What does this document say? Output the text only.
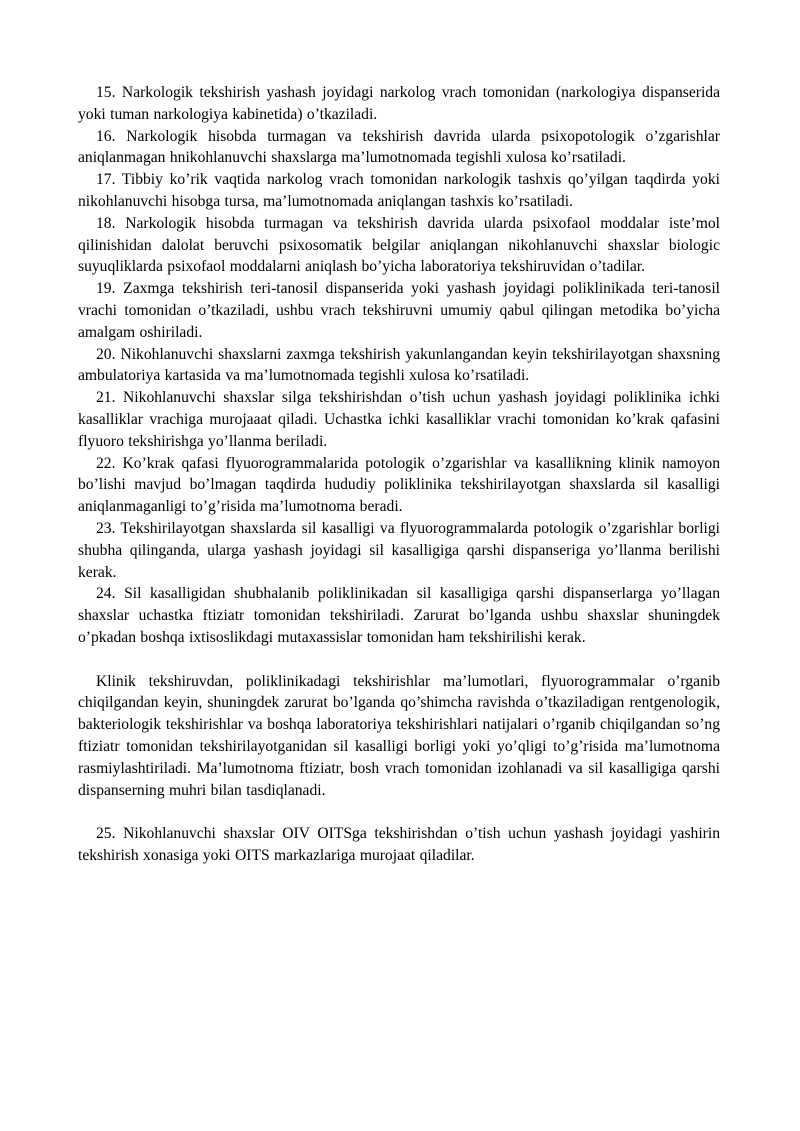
15. Narkologik tekshirish yashash joyidagi narkolog vrach tomonidan (narkologiya dispanserida yoki tuman narkologiya kabinetida) o’tkaziladi.

16. Narkologik hisobda turmagan va tekshirish davrida ularda psixopotologik o’zgarishlar aniqlanmagan hnikohlanuvchi shaxslarga ma’lumotnomada tegishli xulosa ko’rsatiladi.

17. Tibbiy ko’rik vaqtida narkolog vrach tomonidan narkologik tashxis qo’yilgan taqdirda yoki nikohlanuvchi hisobga tursa, ma’lumotnomada aniqlangan tashxis ko’rsatiladi.

18. Narkologik hisobda turmagan va tekshirish davrida ularda psixofaol moddalar iste’mol qilinishidan dalolat beruvchi psixosomatik belgilar aniqlangan nikohlanuvchi shaxslar biologic suyuqliklarda psixofaol moddalarni aniqlash bo’yicha laboratoriya tekshiruvidan o’tadilar.

19. Zaxmga tekshirish teri-tanosil dispanserida yoki yashash joyidagi poliklinikada teri-tanosil vrachi tomonidan o’tkaziladi, ushbu vrach tekshiruvni umumiy qabul qilingan metodika bo’yicha amalgam oshiriladi.

20. Nikohlanuvchi shaxslarni zaxmga tekshirish yakunlangandan keyin tekshirilayotgan shaxsning ambulatoriya kartasida va ma’lumotnomada tegishli xulosa ko’rsatiladi.

21. Nikohlanuvchi shaxslar silga tekshirishdan o’tish uchun yashash joyidagi poliklinika ichki kasalliklar vrachiga murojaaat qiladi. Uchastka ichki kasalliklar vrachi tomonidan ko’krak qafasini flyuoro tekshirishga yo’llanma beriladi.

22. Ko’krak qafasi flyuorogrammalarida potologik o’zgarishlar va kasallikning klinik namoyon bo’lishi mavjud bo’lmagan taqdirda hududiy poliklinika tekshirilayotgan shaxslarda sil kasalligi aniqlanmaganligi to’g’risida ma’lumotnoma beradi.

23. Tekshirilayotgan shaxslarda sil kasalligi va flyuorogrammalarda potologik o’zgarishlar borligi shubha qilinganda, ularga yashash joyidagi sil kasalligiga qarshi dispanseriga yo’llanma berilishi kerak.

24. Sil kasalligidan shubhalanib poliklinikadan sil kasalligiga qarshi dispanserlarga yo’llagan shaxslar uchastka ftiziatr tomonidan tekshiriladi. Zarurat bo’lganda ushbu shaxslar shuningdek o’pkadan boshqa ixtisoslikdagi mutaxassislar tomonidan ham tekshirilishi kerak.

Klinik tekshiruvdan, poliklinikadagi tekshirishlar ma’lumotlari, flyuorogrammalar o’rganib chiqilgandan keyin, shuningdek zarurat bo’lganda qo’shimcha ravishda o’tkaziladigan rentgenologik, bakteriologik tekshirishlar va boshqa laboratoriya tekshirishlari natijalari o’rganib chiqilgandan so’ng ftiziatr tomonidan tekshirilayotganidan sil kasalligi borligi yoki yo’qligi to’g’risida ma’lumotnoma rasmiylashtiriladi. Ma’lumotnoma ftiziatr, bosh vrach tomonidan izohlanadi va sil kasalligiga qarshi dispanserning muhri bilan tasdiqlanadi.

25. Nikohlanuvchi shaxslar OIV OITSga tekshirishdan o’tish uchun yashash joyidagi yashirin tekshirish xonasiga yoki OITS markazlariga murojaat qiladilar.
